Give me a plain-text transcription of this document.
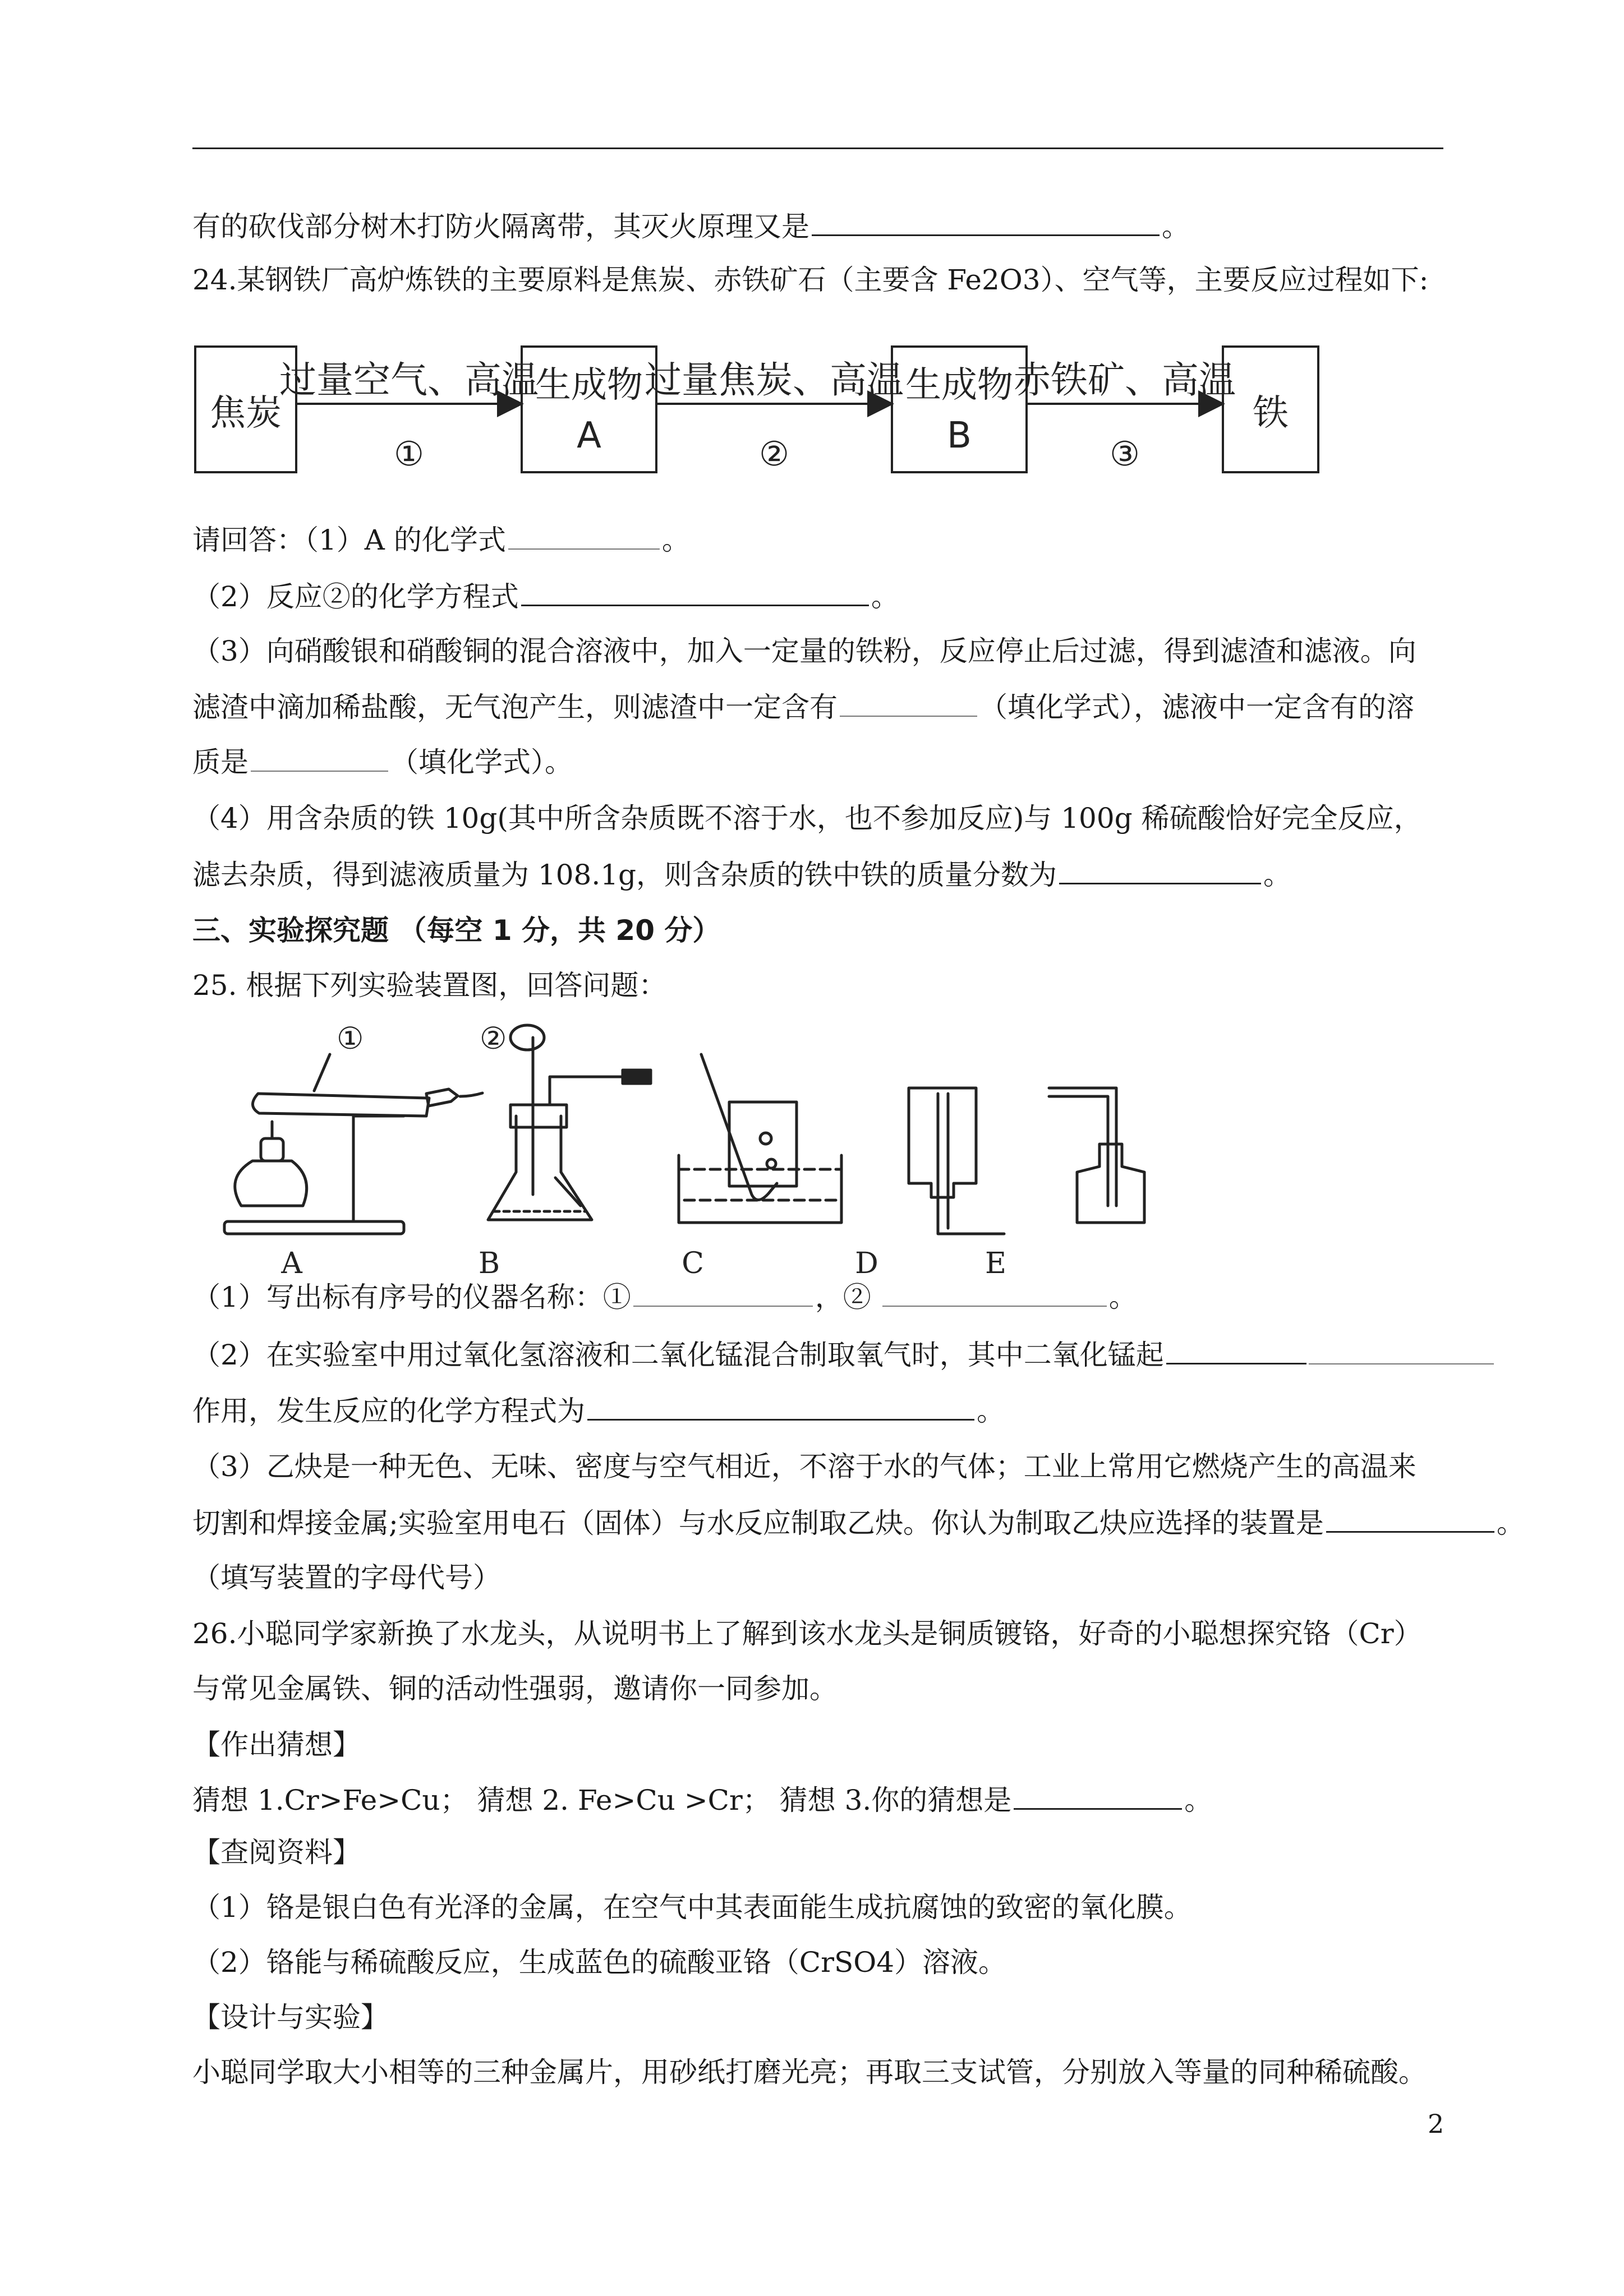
有的砍伐部分树木打防火隔离带，其灭火原理又是	。
24.某钢铁厂高炉炼铁的主要原料是焦炭、赤铁矿石（主要含 Fe2O3）、空气等，主要反应过程如下:
请回答：（1）A 的化学式	。
（2）反应②的化学方程式	。
（3）向硝酸银和硝酸铜的混合溶液中，加入一定量的铁粉，反应停止后过滤，得到滤渣和滤液。向
滤渣中滴加稀盐酸，无气泡产生，则滤渣中一定含有	（填化学式），滤液中一定含有的溶
质是	（填化学式）。
（4）用含杂质的铁 10g(其中所含杂质既不溶于水，也不参加反应)与 100g 稀硫酸恰好完全反应，
滤去杂质，得到滤液质量为 108.1g，则含杂质的铁中铁的质量分数为	。
三、实验探究题 （每空 1 分，共 20 分）
25. 根据下列实验装置图，回答问题：
（1）写出标有序号的仪器名称：①	，②	。
（2）在实验室中用过氧化氢溶液和二氧化锰混合制取氧气时，其中二氧化锰起
作用，发生反应的化学方程式为	。
（3）乙炔是一种无色、无味、密度与空气相近，不溶于水的气体；工业上常用它燃烧产生的高温来
切割和焊接金属;实验室用电石（固体）与水反应制取乙炔。你认为制取乙炔应选择的装置是	。
（填写装置的字母代号）
26.小聪同学家新换了水龙头，从说明书上了解到该水龙头是铜质镀铬，好奇的小聪想探究铬（Cr）
与常见金属铁、铜的活动性强弱，邀请你一同参加。
【作出猜想】
猜想 1.Cr>Fe>Cu； 猜想 2. Fe>Cu >Cr； 猜想 3.你的猜想是	。
【查阅资料】
（1）铬是银白色有光泽的金属，在空气中其表面能生成抗腐蚀的致密的氧化膜。
（2）铬能与稀硫酸反应，生成蓝色的硫酸亚铬（CrSO4）溶液。
【设计与实验】
小聪同学取大小相等的三种金属片，用砂纸打磨光亮；再取三支试管，分别放入等量的同种稀硫酸。
焦炭
生成物
A
生成物
B
铁
过量空气、高温
①
过量焦炭、高温
②
赤铁矿、高温
③
①	②
A	B	C	D	E
2
